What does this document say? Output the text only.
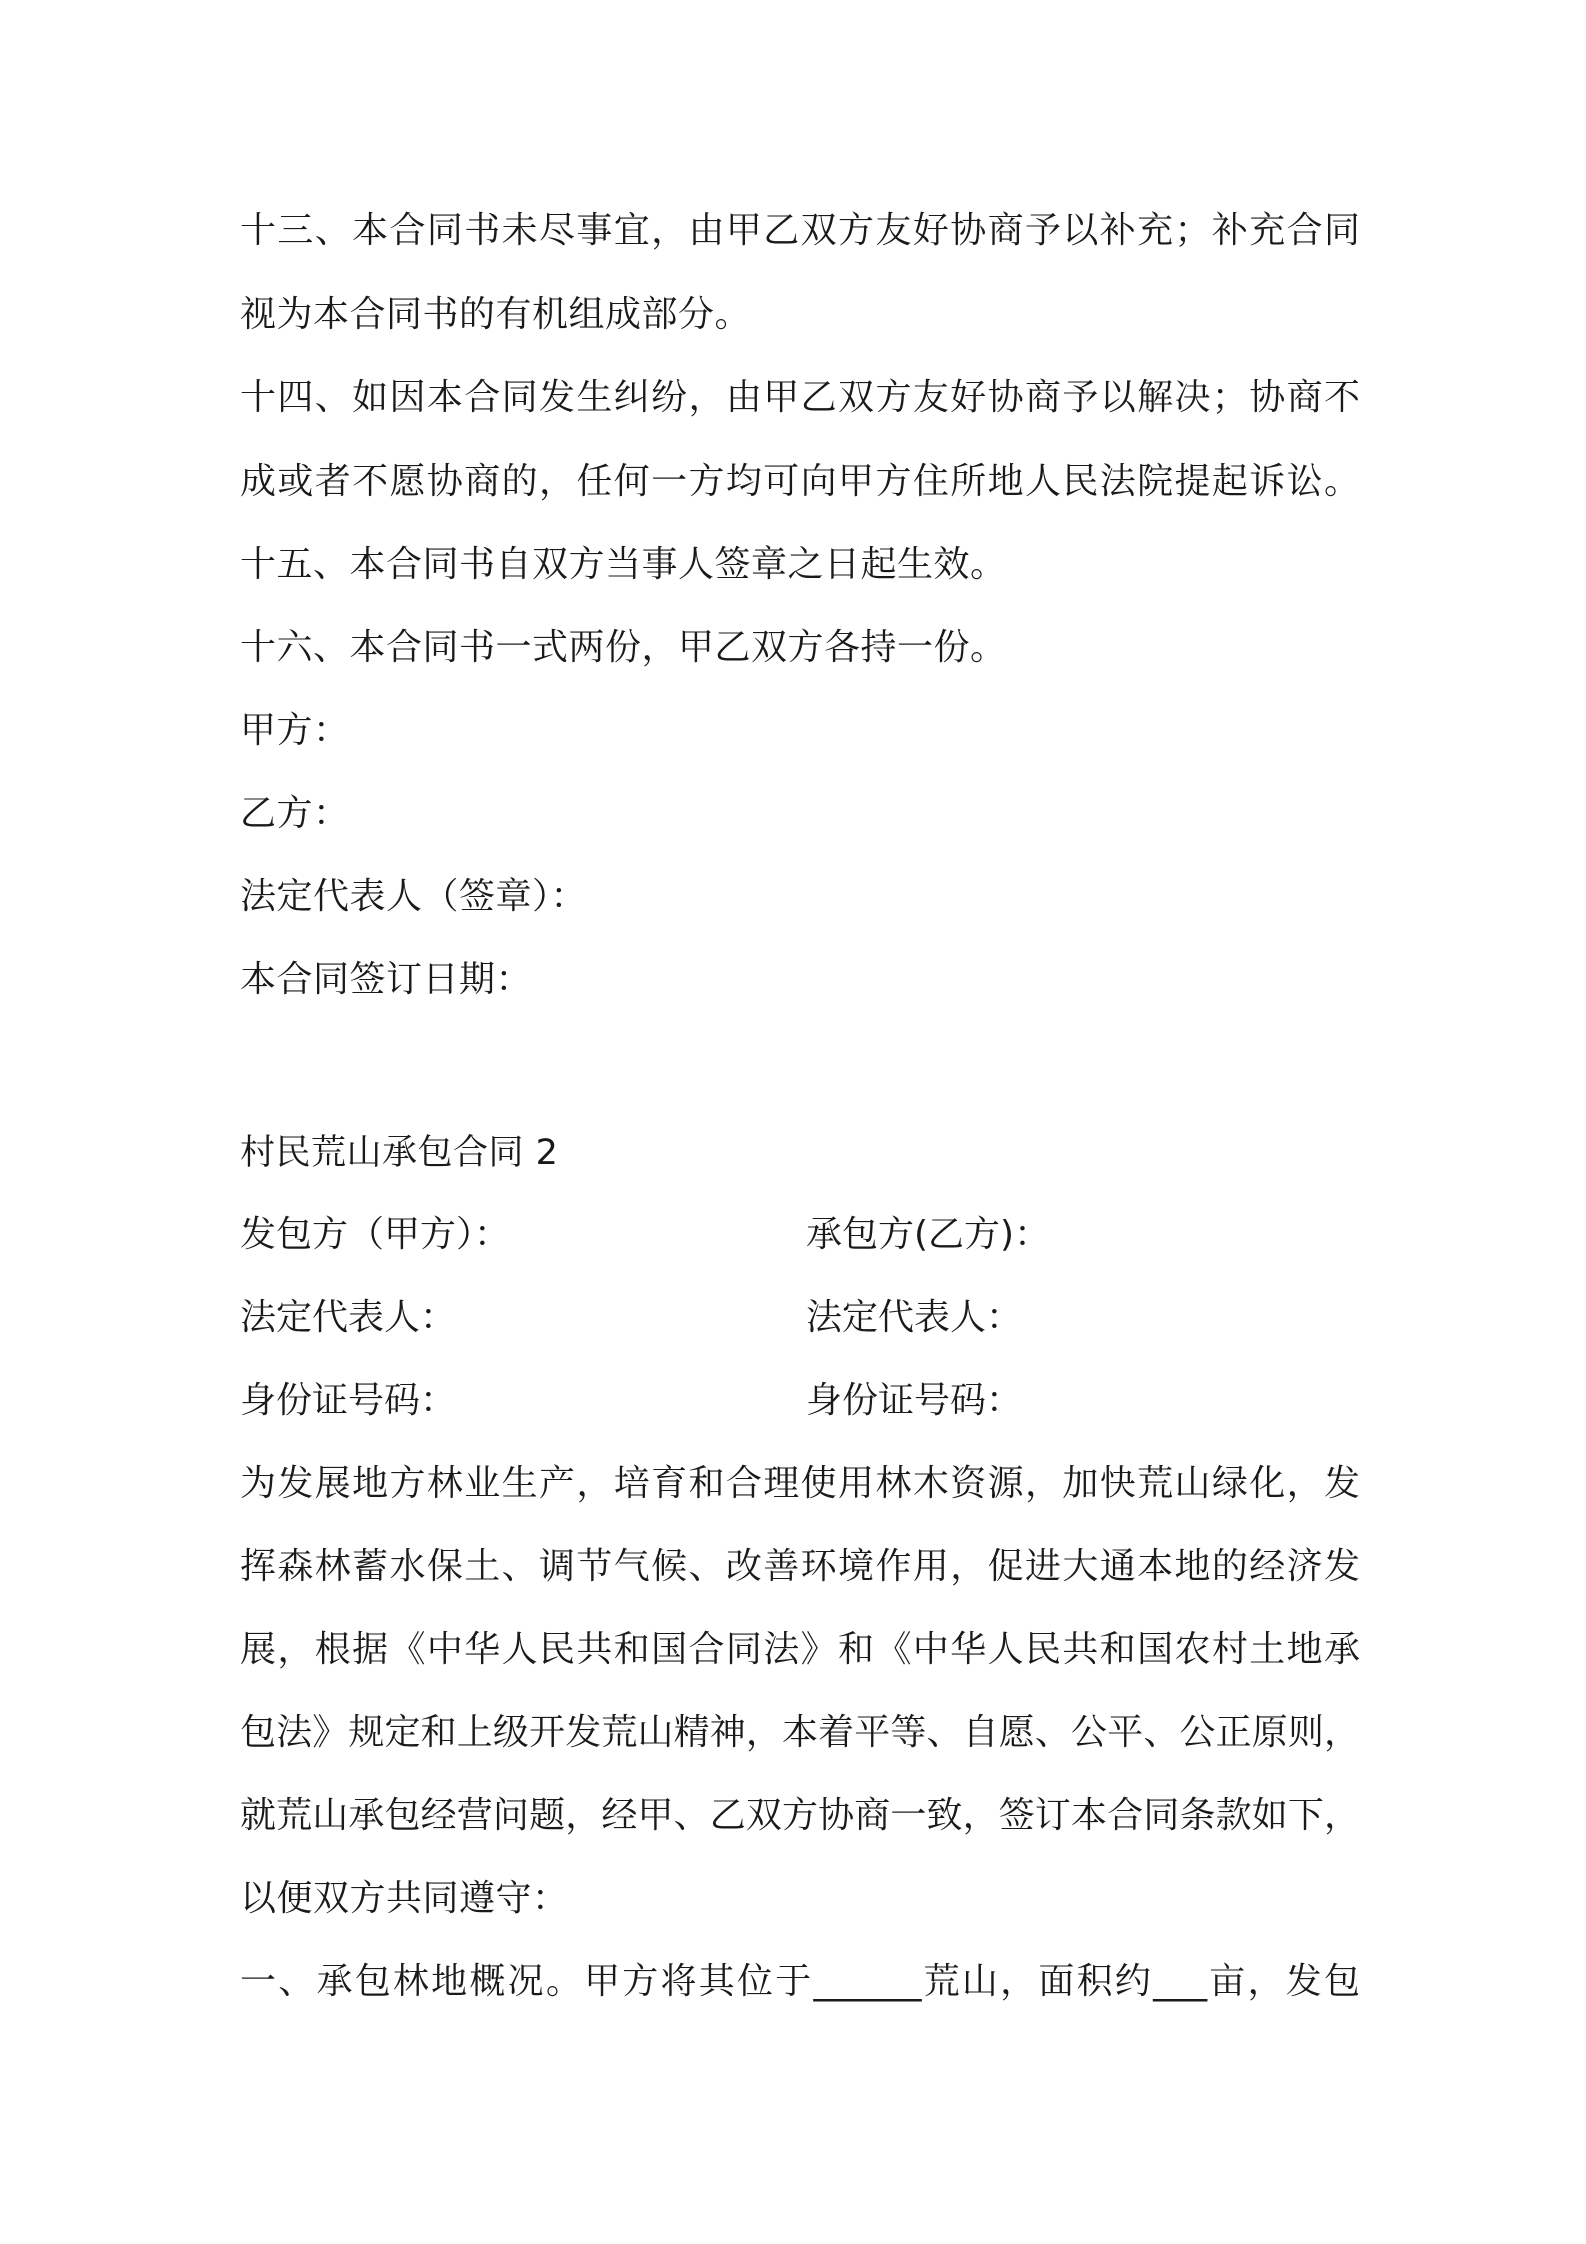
十三、本合同书未尽事宜，由甲乙双方友好协商予以补充；补充合同
视为本合同书的有机组成部分。
十四、如因本合同发生纠纷，由甲乙双方友好协商予以解决；协商不
成或者不愿协商的，任何一方均可向甲方住所地人民法院提起诉讼。
十五、本合同书自双方当事人签章之日起生效。
十六、本合同书一式两份，甲乙双方各持一份。
甲方：
乙方：
法定代表人（签章）：
本合同签订日期：
村民荒山承包合同 2
发包方（甲方）：	承包方(乙方)：
法定代表人：	法定代表人：
身份证号码：	身份证号码：
为发展地方林业生产，培育和合理使用林木资源，加快荒山绿化，发
挥森林蓄水保土、调节气候、改善环境作用，促进大通本地的经济发
展，根据《中华人民共和国合同法》和《中华人民共和国农村土地承
包法》规定和上级开发荒山精神，本着平等、自愿、公平、公正原则，
就荒山承包经营问题，经甲、乙双方协商一致，签订本合同条款如下，
以便双方共同遵守：
一、承包林地概况。甲方将其位于______荒山，面积约___亩，发包
